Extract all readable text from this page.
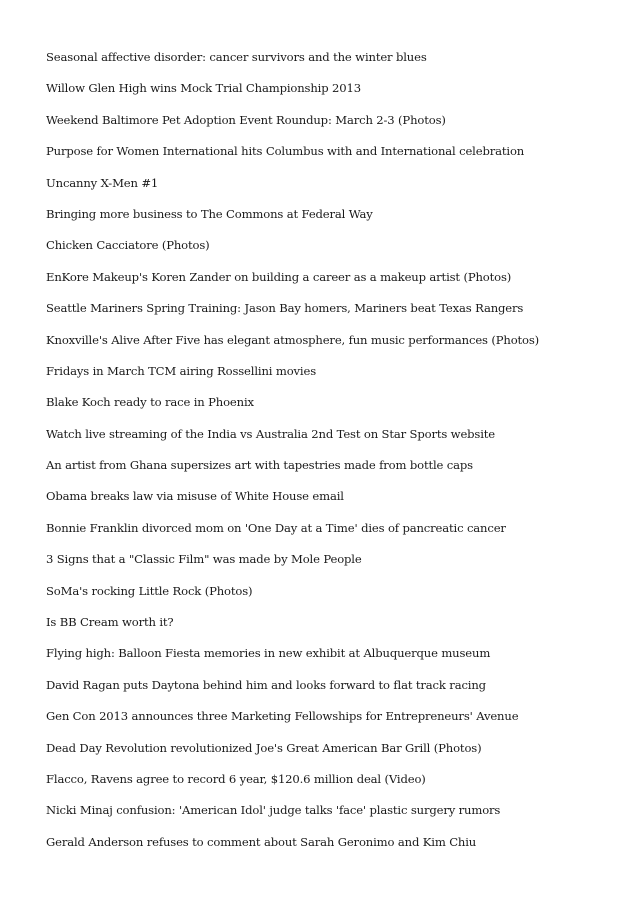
Seasonal affective disorder: cancer survivors and the winter blues
Willow Glen High wins Mock Trial Championship 2013
Weekend Baltimore Pet Adoption Event Roundup: March 2-3 (Photos)
Purpose for Women International hits Columbus with and International celebration
Uncanny X-Men #1
Bringing more business to The Commons at Federal Way
Chicken Cacciatore (Photos)
EnKore Makeup's Koren Zander on building a career as a makeup artist (Photos)
Seattle Mariners Spring Training: Jason Bay homers, Mariners beat Texas Rangers
Knoxville's Alive After Five has elegant atmosphere, fun music performances (Photos)
Fridays in March TCM airing Rossellini movies
Blake Koch ready to race in Phoenix
Watch live streaming of the India vs Australia 2nd Test on Star Sports website
An artist from Ghana supersizes art with tapestries made from bottle caps
Obama breaks law via misuse of White House email
Bonnie Franklin divorced mom on 'One Day at a Time' dies of pancreatic cancer
3 Signs that a "Classic Film" was made by Mole People
SoMa's rocking Little Rock (Photos)
Is BB Cream worth it?
Flying high: Balloon Fiesta memories in new exhibit at Albuquerque museum
David Ragan puts Daytona behind him and looks forward to flat track racing
Gen Con 2013 announces three Marketing Fellowships for Entrepreneurs' Avenue
Dead Day Revolution revolutionized Joe's Great American Bar Grill (Photos)
Flacco, Ravens agree to record 6 year, $120.6 million deal (Video)
Nicki Minaj confusion: 'American Idol' judge talks 'face' plastic surgery rumors
Gerald Anderson refuses to comment about Sarah Geronimo and Kim Chiu
